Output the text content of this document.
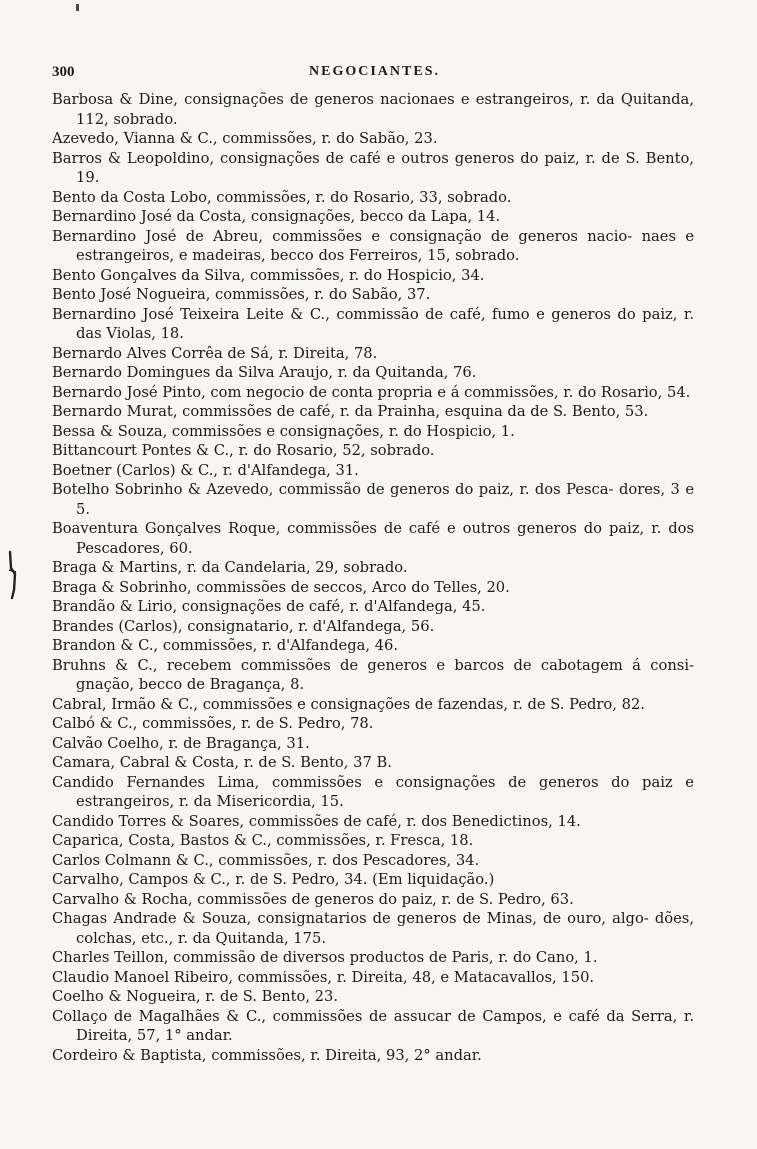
300	NEGOCIANTES.
Barbosa & Dine, consignações de generos nacionaes e estrangeiros, r. da Quitanda, 112, sobrado.
Azevedo, Vianna & C., commissões, r. do Sabão, 23.
Barros & Leopoldino, consignações de café e outros generos do paiz, r. de S. Bento, 19.
Bento da Costa Lobo, commissões, r. do Rosario, 33, sobrado.
Bernardino José da Costa, consignações, becco da Lapa, 14.
Bernardino José de Abreu, commissões e consignação de generos nacio- naes e estrangeiros, e madeiras, becco dos Ferreiros, 15, sobrado.
Bento Gonçalves da Silva, commissões, r. do Hospicio, 34.
Bento José Nogueira, commissões, r. do Sabão, 37.
Bernardino José Teixeira Leite & C., commissão de café, fumo e generos do paiz, r. das Violas, 18.
Bernardo Alves Corrêa de Sá, r. Direita, 78.
Bernardo Domingues da Silva Araujo, r. da Quitanda, 76.
Bernardo José Pinto, com negocio de conta propria e á commissões, r. do Rosario, 54.
Bernardo Murat, commissões de café, r. da Prainha, esquina da de S. Bento, 53.
Bessa & Souza, commissões e consignações, r. do Hospicio, 1.
Bittancourt Pontes & C., r. do Rosario, 52, sobrado.
Boetner (Carlos) & C., r. d'Alfandega, 31.
Botelho Sobrinho & Azevedo, commissão de generos do paiz, r. dos Pesca- dores, 3 e 5.
Boaventura Gonçalves Roque, commissões de café e outros generos do paiz, r. dos Pescadores, 60.
Braga & Martins, r. da Candelaria, 29, sobrado.
Braga & Sobrinho, commissões de seccos, Arco do Telles, 20.
Brandão & Lirio, consignações de café, r. d'Alfandega, 45.
Brandes (Carlos), consignatario, r. d'Alfandega, 56.
Brandon & C., commissões, r. d'Alfandega, 46.
Bruhns & C., recebem commissões de generos e barcos de cabotagem á consi- gnação, becco de Bragança, 8.
Cabral, Irmão & C., commissões e consignações de fazendas, r. de S. Pedro, 82.
Calbó & C., commissões, r. de S. Pedro, 78.
Calvão Coelho, r. de Bragança, 31.
Camara, Cabral & Costa, r. de S. Bento, 37 B.
Candido Fernandes Lima, commissões e consignações de generos do paiz e estrangeiros, r. da Misericordia, 15.
Candido Torres & Soares, commissões de café, r. dos Benedictinos, 14.
Caparica, Costa, Bastos & C., commissões, r. Fresca, 18.
Carlos Colmann & C., commissões, r. dos Pescadores, 34.
Carvalho, Campos & C., r. de S. Pedro, 34. (Em liquidação.)
Carvalho & Rocha, commissões de generos do paiz, r. de S. Pedro, 63.
Chagas Andrade & Souza, consignatarios de generos de Minas, de ouro, algo- dões, colchas, etc., r. da Quitanda, 175.
Charles Teillon, commissão de diversos productos de Paris, r. do Cano, 1.
Claudio Manoel Ribeiro, commissões, r. Direita, 48, e Matacavallos, 150.
Coelho & Nogueira, r. de S. Bento, 23.
Collaço de Magalhães & C., commissões de assucar de Campos, e café da Serra, r. Direita, 57, 1° andar.
Cordeiro & Baptista, commissões, r. Direita, 93, 2° andar.
